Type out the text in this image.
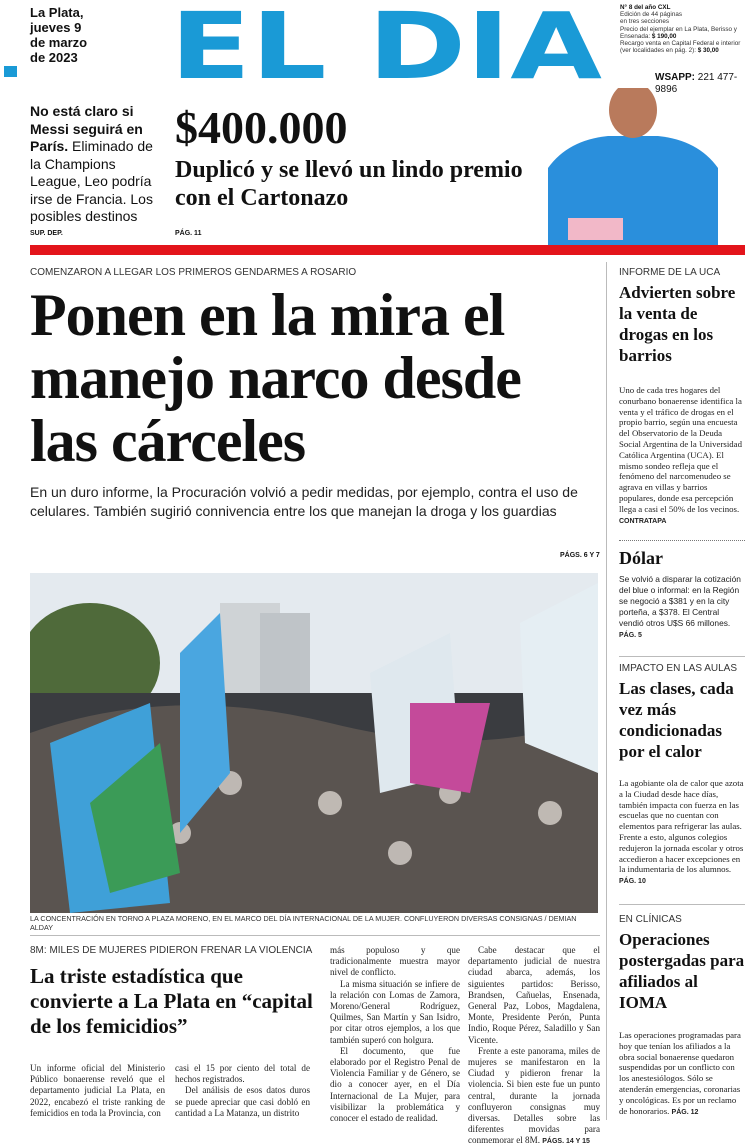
La Plata,
jueves 9
de marzo
de 2023 EL DIA	N° 8 del año CXL
Edición de 44 páginas
en tres secciones
Precio del ejemplar en La Plata, Berisso y Ensenada: $ 190,00
Recargo venta en Capital Federal e interior (ver localidades en pág. 2): $ 30,00
WSAPP: 221 477-9896
No está claro si Messi seguirá en París. Eliminado de la Champions League, Leo podría irse de Francia. Los posibles destinos
SUP. DEP.
$400.000
Duplicó y se llevó un lindo premio con el Cartonazo
PÁG. 11
COMENZARON A LLEGAR LOS PRIMEROS GENDARMES A ROSARIO
Ponen en la mira el manejo narco desde las cárceles
En un duro informe, la Procuración volvió a pedir medidas, por ejemplo, contra el uso de celulares. También sugirió connivencia entre los que manejan la droga y los guardias
PÁGS. 6 Y 7
LA CONCENTRACIÓN EN TORNO A PLAZA MORENO, EN EL MARCO DEL DÍA INTERNACIONAL DE LA MUJER. CONFLUYERON DIVERSAS CONSIGNAS / DEMIAN ALDAY
8M: MILES DE MUJERES PIDIERON FRENAR LA VIOLENCIA
La triste estadística que convierte a La Plata en “capital de los femicidios”

Un informe oficial del Ministerio Público bonaerense reveló que el departamento judicial La Plata, en 2022, encabezó el triste ranking de femicidios en toda la Provincia, con

casi el 15 por ciento del total de hechos registrados.

Del análisis de esos datos duros se puede apreciar que casi dobló en cantidad a La Matanza, un distrito

más populoso y que tradicionalmente muestra mayor nivel de conflicto.

La misma situación se infiere de la relación con Lomas de Zamora, Moreno/General Rodríguez, Quilmes, San Martín y San Isidro, por citar otros ejemplos, a los que también superó con holgura.

El documento, que fue elaborado por el Registro Penal de Violencia Familiar y de Género, se dio a conocer ayer, en el Día Internacional de La Mujer, para visibilizar la problemática y conocer el estado de realidad.

Cabe destacar que el departamento judicial de nuestra ciudad abarca, además, los siguientes partidos: Berisso, Brandsen, Cañuelas, Ensenada, General Paz, Lobos, Magdalena, Monte, Presidente Perón, Punta Indio, Roque Pérez, Saladillo y San Vicente.

Frente a este panorama, miles de mujeres se manifestaron en la Ciudad y pidieron frenar la violencia. Si bien este fue un punto central, durante la jornada confluyeron consignas muy diversas. Detalles sobre las diferentes movidas para conmemorar el 8M. PÁGS. 14 Y 15

INFORME DE LA UCA
Advierten sobre la venta de drogas en los barrios
Uno de cada tres hogares del conurbano bonaerense identifica la venta y el tráfico de drogas en el propio barrio, según una encuesta del Observatorio de la Deuda Social Argentina de la Universidad Católica Argentina (UCA). El mismo sondeo refleja que el fenómeno del narcomenudeo se agrava en villas y barrios populares, donde esa percepción llega a casi el 50% de los vecinos. CONTRATAPA
Dólar
Se volvió a disparar la cotización del blue o informal: en la Región se negoció a $381 y en la city porteña, a $378. El Central vendió otros U$S 66 millones. PÁG. 5
IMPACTO EN LAS AULAS
Las clases, cada vez más condicionadas por el calor
La agobiante ola de calor que azota a la Ciudad desde hace días, también impacta con fuerza en las escuelas que no cuentan con elementos para refrigerar las aulas. Frente a esto, algunos colegios redujeron la jornada escolar y otros accedieron a hacer excepciones en la indumentaria de los alumnos. PÁG. 10
EN CLÍNICAS
Operaciones postergadas para afiliados al IOMA
Las operaciones programadas para hoy que tenían los afiliados a la obra social bonaerense quedaron suspendidas por un conflicto con los anestesiólogos. Sólo se atenderán emergencias, coronarias y oncológicas. Es por un reclamo de honorarios. PÁG. 12
